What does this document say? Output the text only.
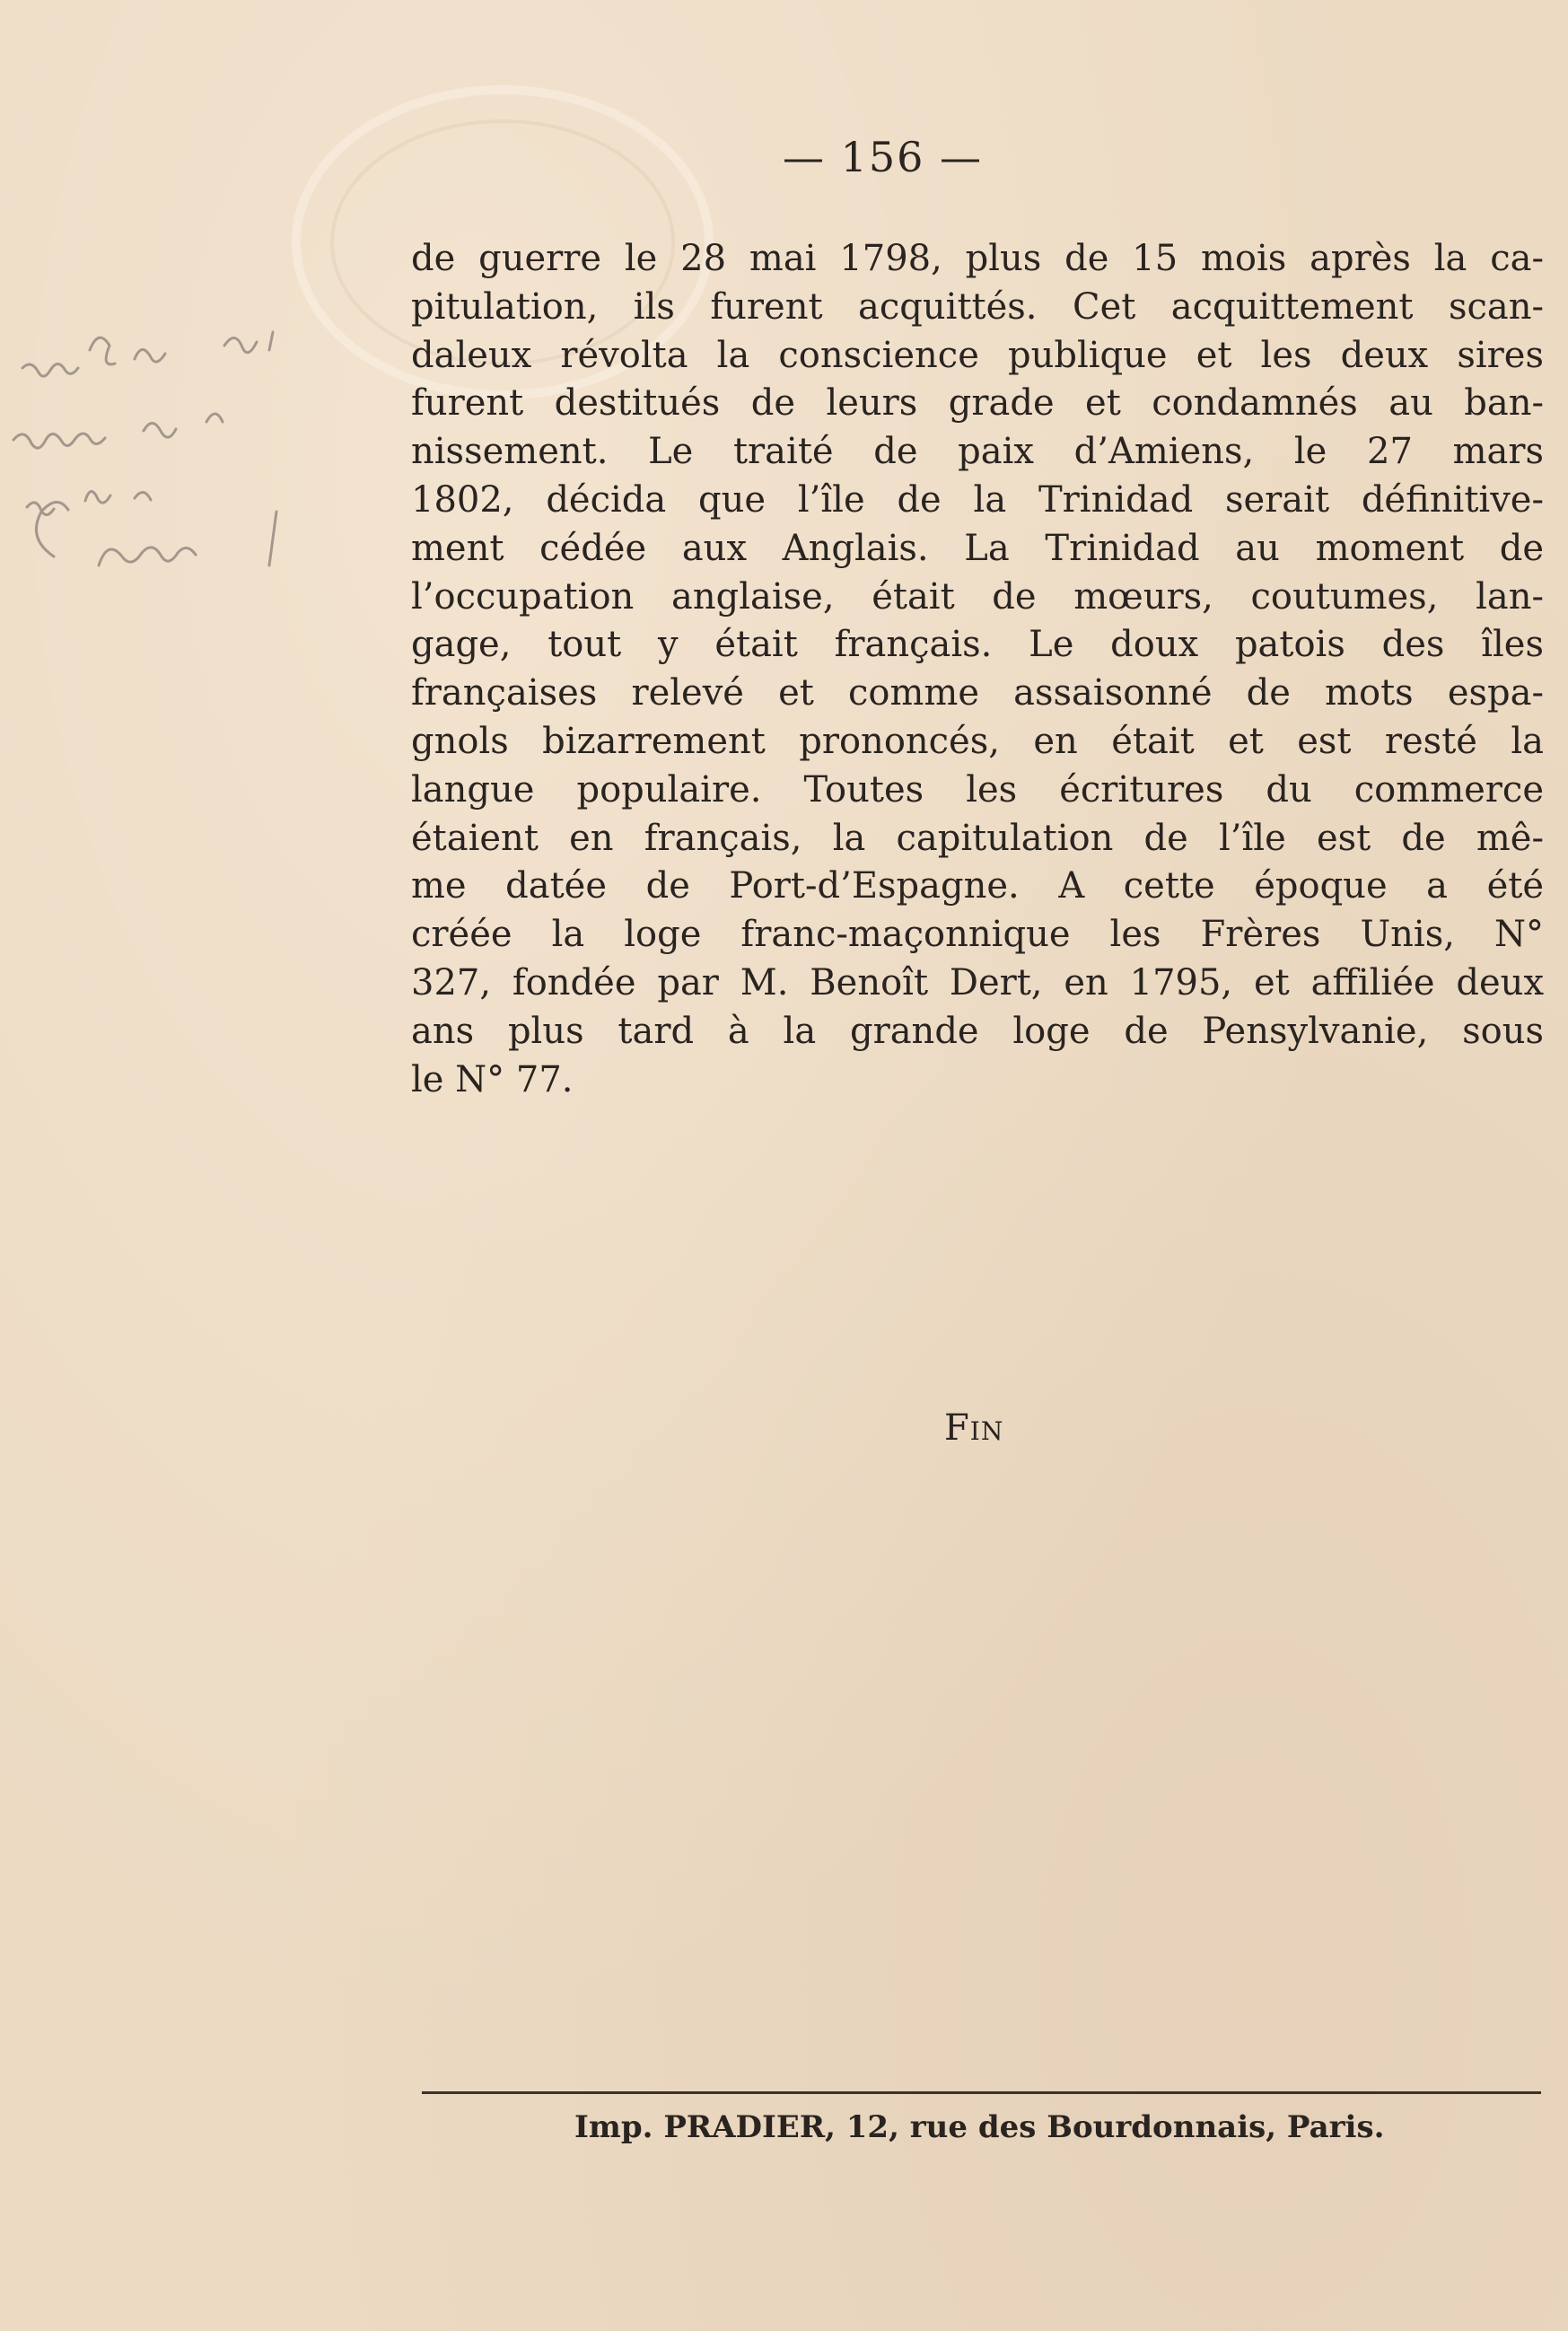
— 156 —
de guerre le 28 mai 1798, plus de 15 mois après la ca-
pitulation, ils furent acquittés. Cet acquittement scan-
daleux révolta la conscience publique et les deux sires
furent destitués de leurs grade et condamnés au ban-
nissement. Le traité de paix d’Amiens, le 27 mars
1802, décida que l’île de la Trinidad serait définitive-
ment cédée aux Anglais. La Trinidad au moment de
l’occupation anglaise, était de mœurs, coutumes, lan-
gage, tout y était français. Le doux patois des îles
françaises relevé et comme assaisonné de mots espa-
gnols bizarrement prononcés, en était et est resté la
langue populaire. Toutes les écritures du commerce
étaient en français, la capitulation de l’île est de mê-
me datée de Port-d’Espagne. A cette époque a été
créée la loge franc-maçonnique les Frères Unis, N°
327, fondée par M. Benoît Dert, en 1795, et affiliée deux
ans plus tard à la grande loge de Pensylvanie, sous
le N° 77.
Fin
Imp. PRADIER, 12, rue des Bourdonnais, Paris.
